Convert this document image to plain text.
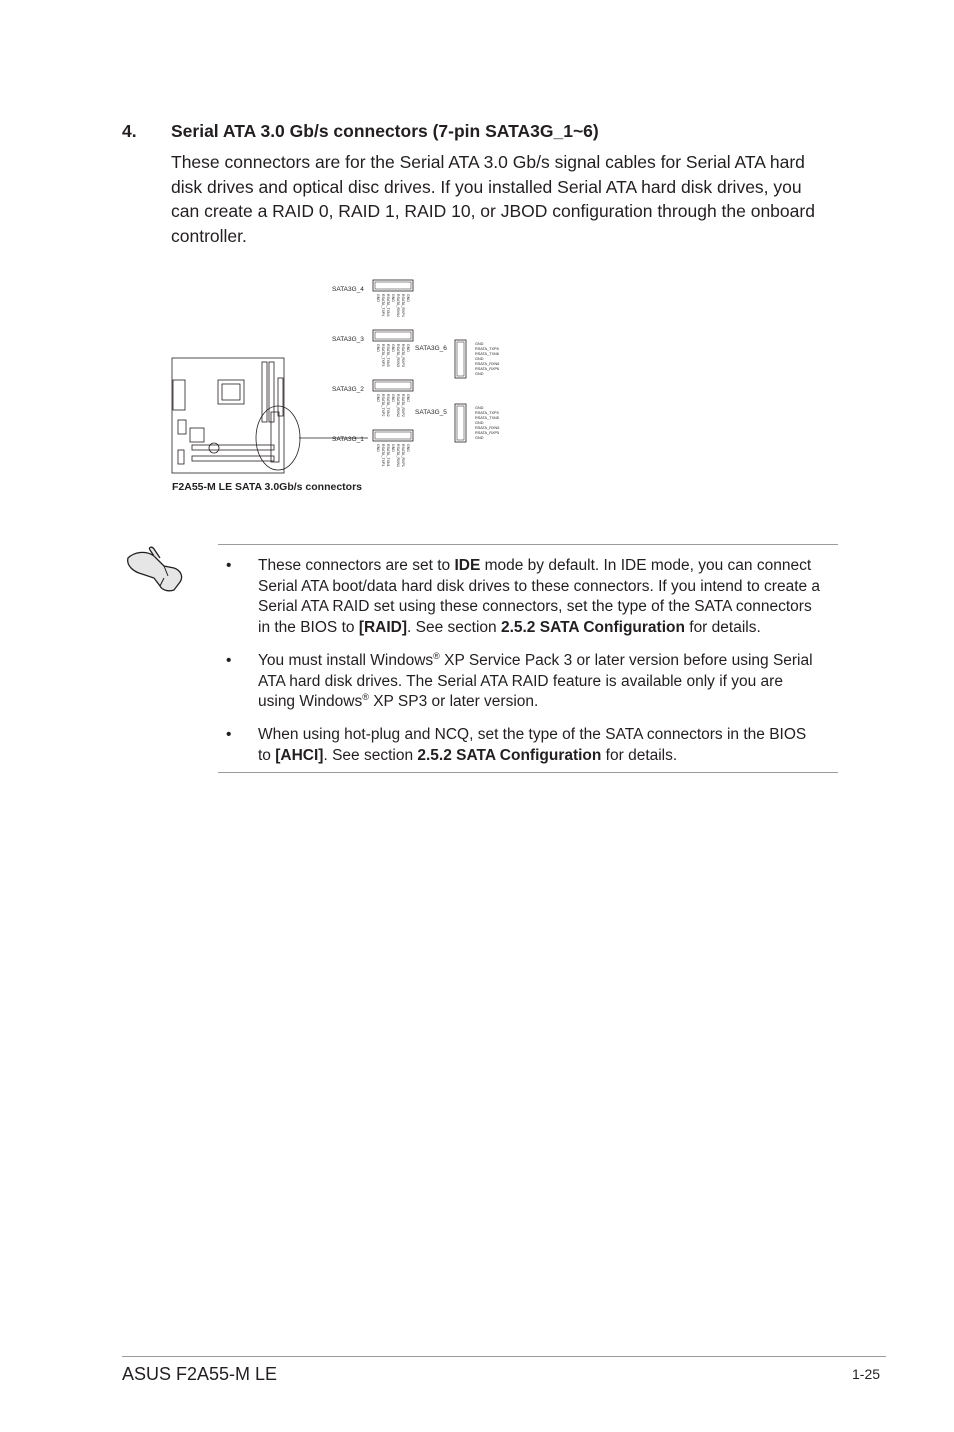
4. Serial ATA 3.0 Gb/s connectors (7-pin SATA3G_1~6)
These connectors are for the Serial ATA 3.0 Gb/s signal cables for Serial ATA hard disk drives and optical disc drives. If you installed Serial ATA hard disk drives, you can create a RAID 0, RAID 1, RAID 10, or JBOD configuration through the onboard controller.
SATA3G_4
GND RSATA_TXP4 RSATA_TXN4 GND RSATA_RXN4 RSATA_RXP4 GND
SATA3G_3
GND RSATA_TXP3 RSATA_TXN3 GND RSATA_RXN3 RSATA_RXP3 GND
SATA3G_2
GND RSATA_TXP2 RSATA_TXN2 GND RSATA_RXN2 RSATA_RXP2 GND
SATA3G_1
GND RSATA_TXP1 RSATA_TXN1 GND RSATA_RXN1 RSATA_RXP1 GND
SATA3G_6
GND
RSATA_TXP6
RSATA_TXN6
GND
RSATA_RXN6
RSATA_RXP6
GND
SATA3G_5
GND
RSATA_TXP5
RSATA_TXN5
GND
RSATA_RXN5
RSATA_RXP5
GND
F2A55-M LE SATA 3.0Gb/s connectors
• These connectors are set to IDE mode by default. In IDE mode, you can connect Serial ATA boot/data hard disk drives to these connectors. If you intend to create a Serial ATA RAID set using these connectors, set the type of the SATA connectors in the BIOS to [RAID]. See section 2.5.2 SATA Configuration for details.
• You must install Windows® XP Service Pack 3 or later version before using Serial ATA hard disk drives. The Serial ATA RAID feature is available only if you are using Windows® XP SP3 or later version.
• When using hot-plug and NCQ, set the type of the SATA connectors in the BIOS to [AHCI]. See section 2.5.2 SATA Configuration for details.
ASUS F2A55-M LE	1-25
